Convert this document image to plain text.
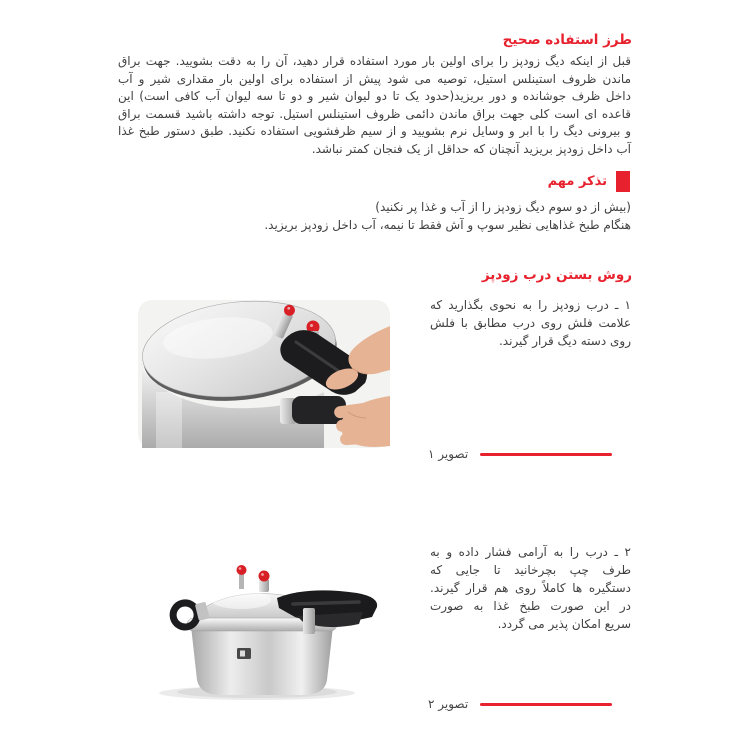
طرز استفاده صحیح
قبل از اینکه دیگ زودپز را برای اولین بار مورد استفاده قرار دهید، آن را به دقت بشویید. جهت براق
ماندن ظروف استینلس استیل، توصیه می شود پیش از استفاده برای اولین بار مقداری شیر و آب
داخل ظرف جوشانده و دور بریزید(حدود یک تا دو لیوان شیر و دو تا سه لیوان آب کافی است) این
قاعده ای است کلی جهت براق ماندن دائمی ظروف استینلس استیل. توجه داشته باشید قسمت براق
و بیرونی دیگ را با ابر و وسایل نرم بشویید و از سیم ظرفشویی استفاده نکنید. طبق دستور طبخ غذا
آب داخل زودپز بریزید آنچنان که حداقل از یک فنجان کمتر نباشد.
تذکر مهم
(بیش از دو سوم دیگ زودپز را از آب و غذا پر نکنید)
هنگام طبخ غذاهایی نظیر سوپ و آش فقط تا نیمه، آب داخل زودپز بریزید.
روش بستن درب زودپز
۱ ـ درب زودپز را به نحوی بگذارید که
علامت فلش روی درب مطابق با فلش
روی دسته دیگ قرار گیرند.
تصویر ۱
۲ ـ درب را به آرامی فشار داده و به
طرف چپ بچرخانید تا جایی که
دستگیره ها کاملاً روی هم قرار گیرند.
در این صورت طبخ غذا به صورت
سریع امکان پذیر می گردد.
تصویر ۲
